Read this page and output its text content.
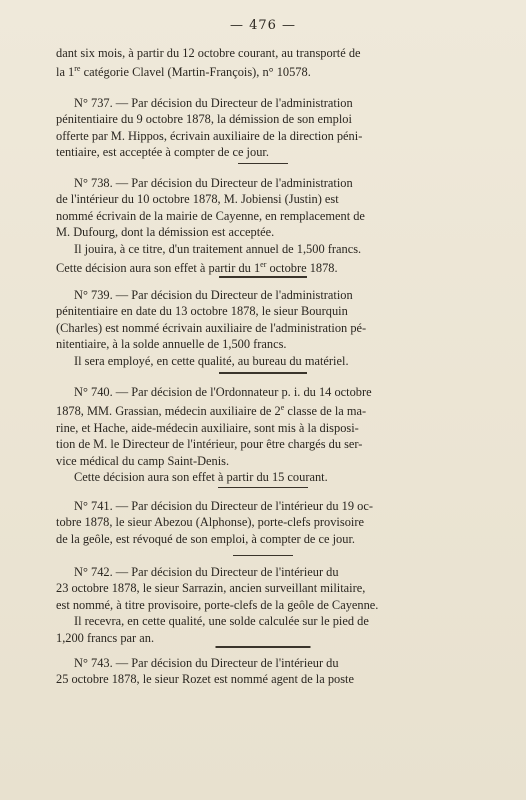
— 476 —
dant six mois, à partir du 12 octobre courant, au transporté de
la 1re catégorie Clavel (Martin-François), n° 10578.
N° 737. — Par décision du Directeur de l'administration
pénitentiaire du 9 octobre 1878, la démission de son emploi
offerte par M. Hippos, écrivain auxiliaire de la direction péni-
tentiaire, est acceptée à compter de ce jour.
N° 738. — Par décision du Directeur de l'administration
de l'intérieur du 10 octobre 1878, M. Jobiensi (Justin) est
nommé écrivain de la mairie de Cayenne, en remplacement de
M. Dufourg, dont la démission est acceptée.
Il jouira, à ce titre, d'un traitement annuel de 1,500 francs.
Cette décision aura son effet à partir du 1er octobre 1878.
N° 739. — Par décision du Directeur de l'administration
pénitentiaire en date du 13 octobre 1878, le sieur Bourquin
(Charles) est nommé écrivain auxiliaire de l'administration pé-
nitentiaire, à la solde annuelle de 1,500 francs.
Il sera employé, en cette qualité, au bureau du matériel.
N° 740. — Par décision de l'Ordonnateur p. i. du 14 octobre
1878, MM. Grassian, médecin auxiliaire de 2e classe de la ma-
rine, et Hache, aide-médecin auxiliaire, sont mis à la disposi-
tion de M. le Directeur de l'intérieur, pour être chargés du ser-
vice médical du camp Saint-Denis.
Cette décision aura son effet à partir du 15 courant.
N° 741. — Par décision du Directeur de l'intérieur du 19 oc-
tobre 1878, le sieur Abezou (Alphonse), porte-clefs provisoire
de la geôle, est révoqué de son emploi, à compter de ce jour.
N° 742. — Par décision du Directeur de l'intérieur du
23 octobre 1878, le sieur Sarrazin, ancien surveillant militaire,
est nommé, à titre provisoire, porte-clefs de la geôle de Cayenne.
Il recevra, en cette qualité, une solde calculée sur le pied de
1,200 francs par an.
N° 743. — Par décision du Directeur de l'intérieur du
25 octobre 1878, le sieur Rozet est nommé agent de la poste
